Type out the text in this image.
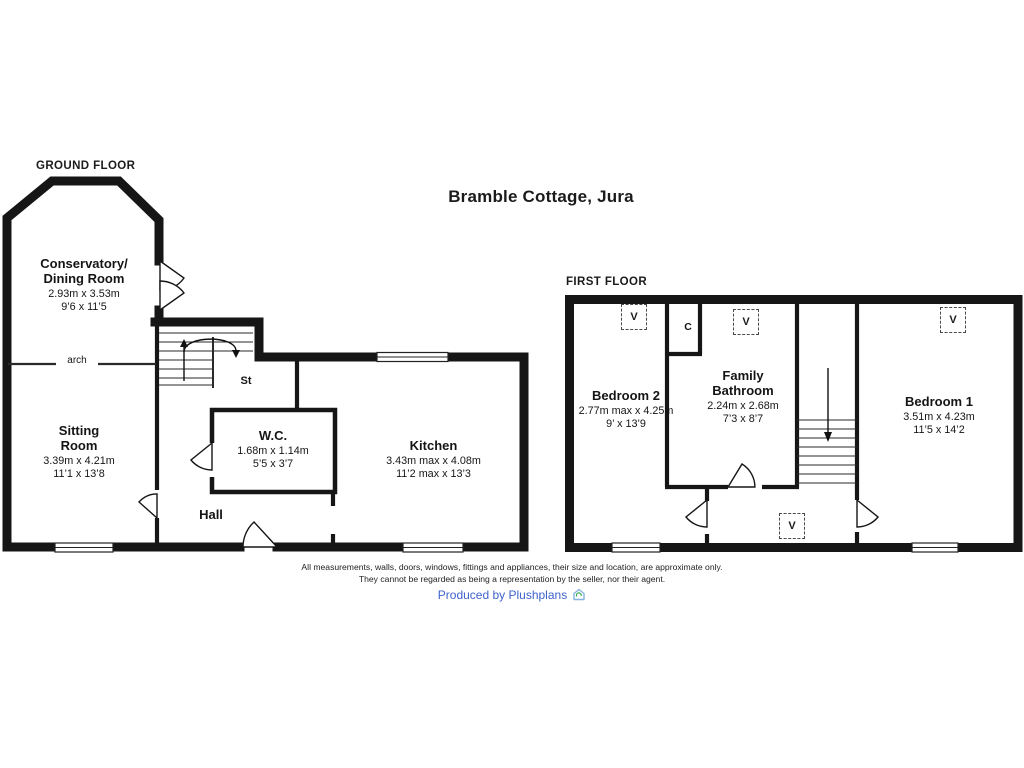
Bramble Cottage, Jura
GROUND FLOOR
FIRST FLOOR
Conservatory/
Dining Room
2.93m x 3.53m
9’6 x 11’5
Sitting
Room
3.39m x 4.21m
11’1 x 13’8
W.C.
1.68m x 1.14m
5’5 x 3’7
Kitchen
3.43m max x 4.08m
11’2 max x 13’3
Hall
St
arch
Bedroom 2
2.77m max x 4.25m
9’ x 13’9
Family
Bathroom
2.24m x 2.68m
7’3 x 8’7
Bedroom 1
3.51m x 4.23m
11’5 x 14’2
C
V	V	V
V
All measurements, walls, doors, windows, fittings and appliances, their size and location, are approximate only.
They cannot be regarded as being a representation by the seller, nor their agent.
Produced by Plushplans
